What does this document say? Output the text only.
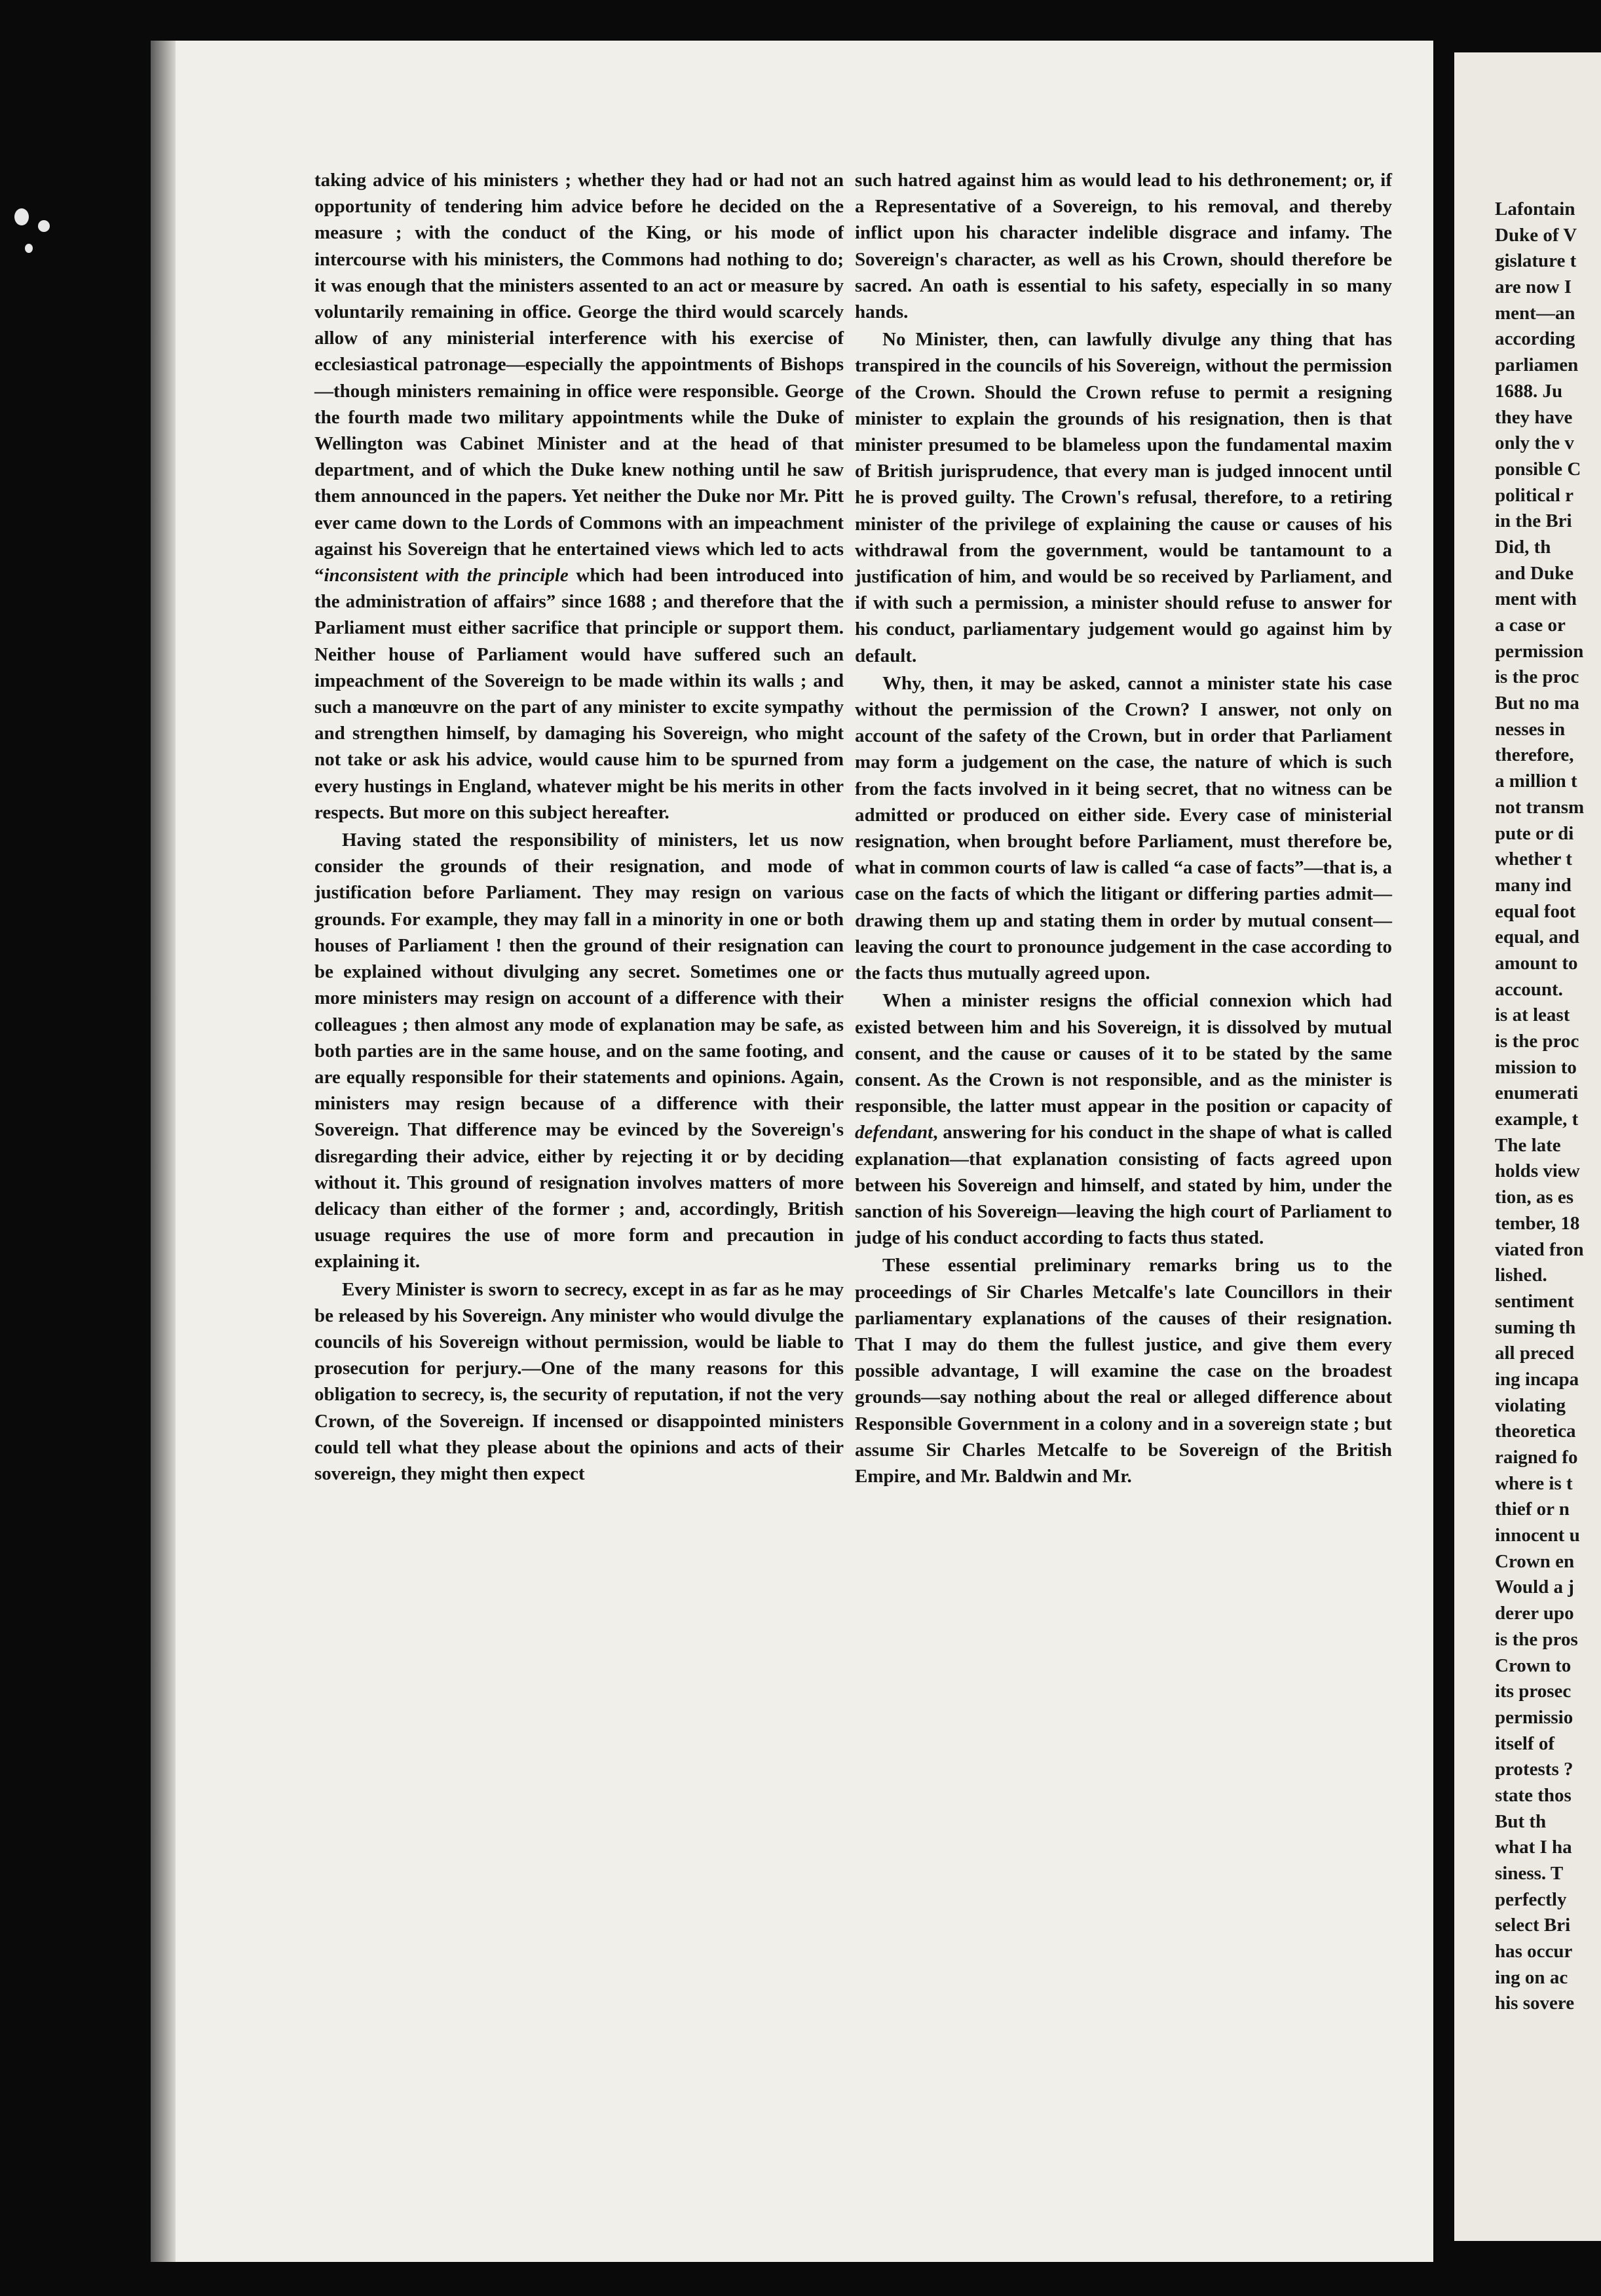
taking advice of his ministers ; whether they had or had not an opportunity of tendering him advice before he decided on the measure ; with the conduct of the King, or his mode of intercourse with his ministers, the Commons had nothing to do; it was enough that the ministers assented to an act or measure by voluntarily remaining in office. George the third would scarcely allow of any ministerial interference with his exercise of ecclesiastical patronage—especially the appointments of Bishops—though ministers remaining in office were responsible. George the fourth made two military appointments while the Duke of Wellington was Cabinet Minister and at the head of that department, and of which the Duke knew nothing until he saw them announced in the papers. Yet neither the Duke nor Mr. Pitt ever came down to the Lords of Commons with an impeachment against his Sovereign that he entertained views which led to acts “inconsistent with the principle which had been introduced into the administration of affairs” since 1688 ; and therefore that the Parliament must either sacrifice that principle or support them. Neither house of Parliament would have suffered such an impeachment of the Sovereign to be made within its walls ; and such a manœuvre on the part of any minister to excite sympathy and strengthen himself, by damaging his Sovereign, who might not take or ask his advice, would cause him to be spurned from every hustings in England, whatever might be his merits in other respects. But more on this subject hereafter.

Having stated the responsibility of ministers, let us now consider the grounds of their resignation, and mode of justification before Parliament. They may resign on various grounds. For example, they may fall in a minority in one or both houses of Parliament ! then the ground of their resignation can be explained without divulging any secret. Sometimes one or more ministers may resign on account of a difference with their colleagues ; then almost any mode of explanation may be safe, as both parties are in the same house, and on the same footing, and are equally responsible for their statements and opinions. Again, ministers may resign because of a difference with their Sovereign. That difference may be evinced by the Sovereign's disregarding their advice, either by rejecting it or by deciding without it. This ground of resignation involves matters of more delicacy than either of the former ; and, accordingly, British usuage requires the use of more form and precaution in explaining it.

Every Minister is sworn to secrecy, except in as far as he may be released by his Sovereign. Any minister who would divulge the councils of his Sovereign without permission, would be liable to prosecution for perjury.—One of the many reasons for this obligation to secrecy, is, the security of reputation, if not the very Crown, of the Sovereign. If incensed or disappointed ministers could tell what they please about the opinions and acts of their sovereign, they might then expect

such hatred against him as would lead to his dethronement; or, if a Representative of a Sovereign, to his removal, and thereby inflict upon his character indelible disgrace and infamy. The Sovereign's character, as well as his Crown, should therefore be sacred. An oath is essential to his safety, especially in so many hands.

No Minister, then, can lawfully divulge any thing that has transpired in the councils of his Sovereign, without the permission of the Crown. Should the Crown refuse to permit a resigning minister to explain the grounds of his resignation, then is that minister presumed to be blameless upon the fundamental maxim of British jurisprudence, that every man is judged innocent until he is proved guilty. The Crown's refusal, therefore, to a retiring minister of the privilege of explaining the cause or causes of his withdrawal from the government, would be tantamount to a justification of him, and would be so received by Parliament, and if with such a permission, a minister should refuse to answer for his conduct, parliamentary judgement would go against him by default.

Why, then, it may be asked, cannot a minister state his case without the permission of the Crown? I answer, not only on account of the safety of the Crown, but in order that Parliament may form a judgement on the case, the nature of which is such from the facts involved in it being secret, that no witness can be admitted or produced on either side. Every case of ministerial resignation, when brought before Parliament, must therefore be, what in common courts of law is called “a case of facts”—that is, a case on the facts of which the litigant or differing parties admit—drawing them up and stating them in order by mutual consent—leaving the court to pronounce judgement in the case according to the facts thus mutually agreed upon.

When a minister resigns the official connexion which had existed between him and his Sovereign, it is dissolved by mutual consent, and the cause or causes of it to be stated by the same consent. As the Crown is not responsible, and as the minister is responsible, the latter must appear in the position or capacity of defendant, answering for his conduct in the shape of what is called explanation—that explanation consisting of facts agreed upon between his Sovereign and himself, and stated by him, under the sanction of his Sovereign—leaving the high court of Parliament to judge of his conduct according to facts thus stated.

These essential preliminary remarks bring us to the proceedings of Sir Charles Metcalfe's late Councillors in their parliamentary explanations of the causes of their resignation. That I may do them the fullest justice, and give them every possible advantage, I will examine the case on the broadest grounds—say nothing about the real or alleged difference about Responsible Government in a colony and in a sovereign state ; but assume Sir Charles Metcalfe to be Sovereign of the British Empire, and Mr. Baldwin and Mr.

Lafontain
Duke of V
gislature t
are now I
ment—an
according
parliamen
1688. Ju
they have
only the v
ponsible C
political r
in the Bri
Did, th
and Duke
ment with
a case or
permission
is the proc
But no ma
nesses in
therefore,
a million t
not transm
pute or di
whether t
many ind
equal foot
equal, and
amount to
account.
is at least
is the proc
mission to
enumerati
example, t
The late
holds view
tion, as es
tember, 18
viated fron
lished.
sentiment
suming th
all preced
ing incapa
violating
theoretica
raigned fo
where is t
thief or n
innocent u
Crown en
Would a j
derer upo
is the pros
Crown to
its prosec
permissio
itself of
protests ?
state thos
But th
what I ha
siness. T
perfectly
select Bri
has occur
ing on ac
his sovere
